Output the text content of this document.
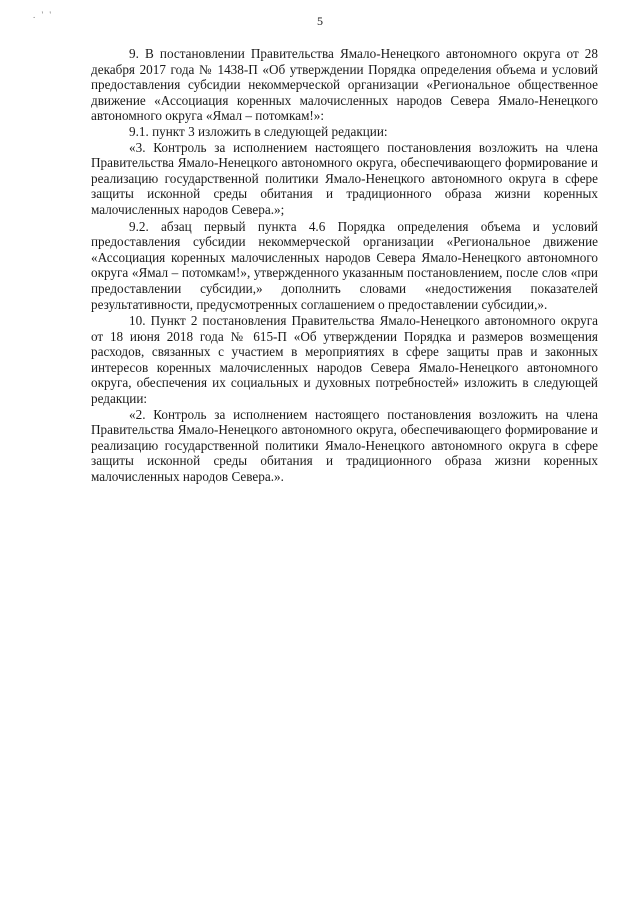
. ' '	5

9. В постановлении Правительства Ямало-Ненецкого автономного округа от 28 декабря 2017 года № 1438-П «Об утверждении Порядка определения объема и условий предоставления субсидии некоммерческой организации «Региональное общественное движение «Ассоциация коренных малочисленных народов Севера Ямало-Ненецкого автономного округа «Ямал – потомкам!»:

9.1. пункт 3 изложить в следующей редакции:

«3. Контроль за исполнением настоящего постановления возложить на члена Правительства Ямало-Ненецкого автономного округа, обеспечивающего формирование и реализацию государственной политики Ямало-Ненецкого автономного округа в сфере защиты исконной среды обитания и традиционного образа жизни коренных малочисленных народов Севера.»;

9.2. абзац первый пункта 4.6 Порядка определения объема и условий предоставления субсидии некоммерческой организации «Региональное движение «Ассоциация коренных малочисленных народов Севера Ямало-Ненецкого автономного округа «Ямал – потомкам!», утвержденного указанным постановлением, после слов «при предоставлении субсидии,» дополнить словами «недостижения показателей результативности, предусмотренных соглашением о предоставлении субсидии,».

10. Пункт 2 постановления Правительства Ямало-Ненецкого автономного округа от 18 июня 2018 года № 615-П «Об утверждении Порядка и размеров возмещения расходов, связанных с участием в мероприятиях в сфере защиты прав и законных интересов коренных малочисленных народов Севера Ямало-Ненецкого автономного округа, обеспечения их социальных и духовных потребностей» изложить в следующей редакции:

«2. Контроль за исполнением настоящего постановления возложить на члена Правительства Ямало-Ненецкого автономного округа, обеспечивающего формирование и реализацию государственной политики Ямало-Ненецкого автономного округа в сфере защиты исконной среды обитания и традиционного образа жизни коренных малочисленных народов Севера.».
